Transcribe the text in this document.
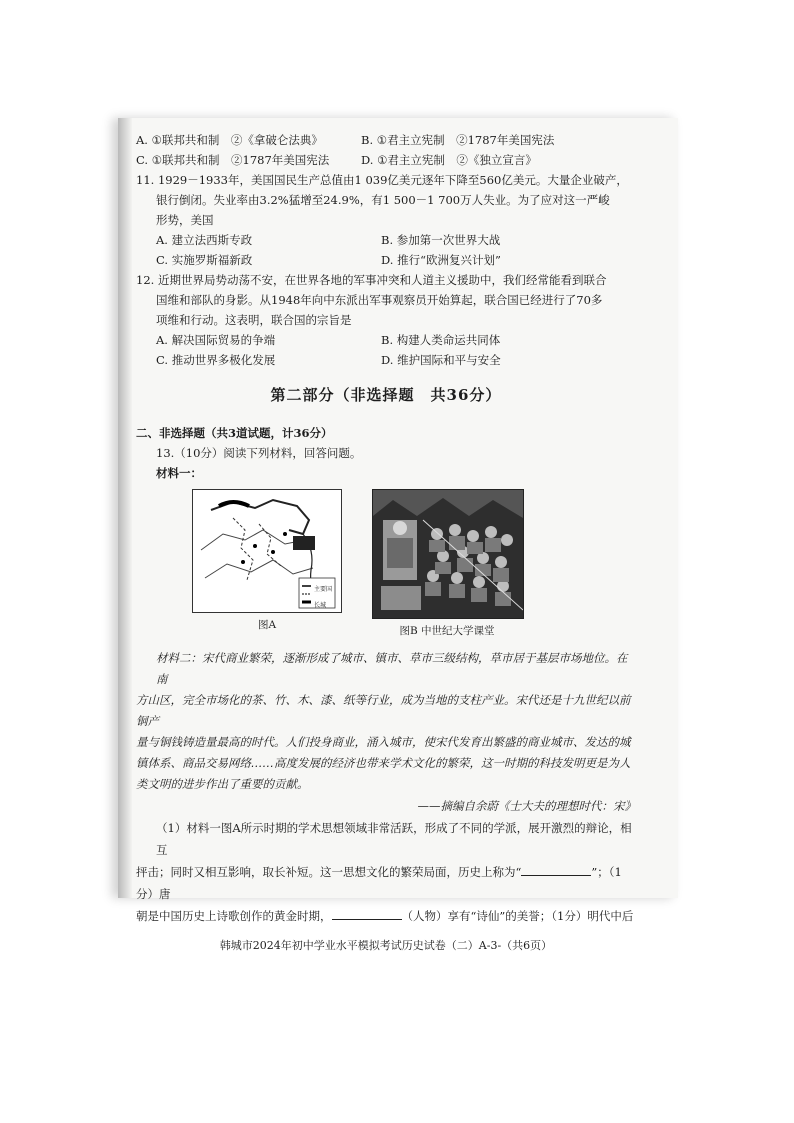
A. ①联邦共和制　②《拿破仑法典》	B. ①君主立宪制　②1787年美国宪法
C. ①联邦共和制　②1787年美国宪法	D. ①君主立宪制　②《独立宣言》
11. 1929－1933年，美国国民生产总值由1 039亿美元逐年下降至560亿美元。大量企业破产，
银行倒闭。失业率由3.2%猛增至24.9%，有1 500－1 700万人失业。为了应对这一严峻
形势，美国
A. 建立法西斯专政	B. 参加第一次世界大战
C. 实施罗斯福新政	D. 推行“欧洲复兴计划”
12. 近期世界局势动荡不安，在世界各地的军事冲突和人道主义援助中，我们经常能看到联合
国维和部队的身影。从1948年向中东派出军事观察员开始算起，联合国已经进行了70多
项维和行动。这表明，联合国的宗旨是
A. 解决国际贸易的争端	B. 构建人类命运共同体
C. 推动世界多极化发展	D. 维护国际和平与安全
第二部分（非选择题　共36分）
二、非选择题（共3道试题，计36分）
13.（10分）阅读下列材料，回答问题。
材料一：
主要国
长城
图A	图B 中世纪大学课堂
材料二：宋代商业繁荣，逐渐形成了城市、镇市、草市三级结构，草市居于基层市场地位。在南
方山区，完全市场化的茶、竹、木、漆、纸等行业，成为当地的支柱产业。宋代还是十九世纪以前铜产
量与铜钱铸造量最高的时代。人们投身商业，涌入城市，使宋代发育出繁盛的商业城市、发达的城
镇体系、商品交易网络……高度发展的经济也带来学术文化的繁荣，这一时期的科技发明更是为人
类文明的进步作出了重要的贡献。
——摘编自余蔚《士大夫的理想时代：宋》
（1）材料一图A所示时期的学术思想领域非常活跃，形成了不同的学派，展开激烈的辩论，相互
抨击；同时又相互影响，取长补短。这一思想文化的繁荣局面，历史上称为“	”；（1分）唐
朝是中国历史上诗歌创作的黄金时期，	（人物）享有“诗仙”的美誉；（1分）明代中后
韩城市2024年初中学业水平模拟考试历史试卷（二）A-3-（共6页）
